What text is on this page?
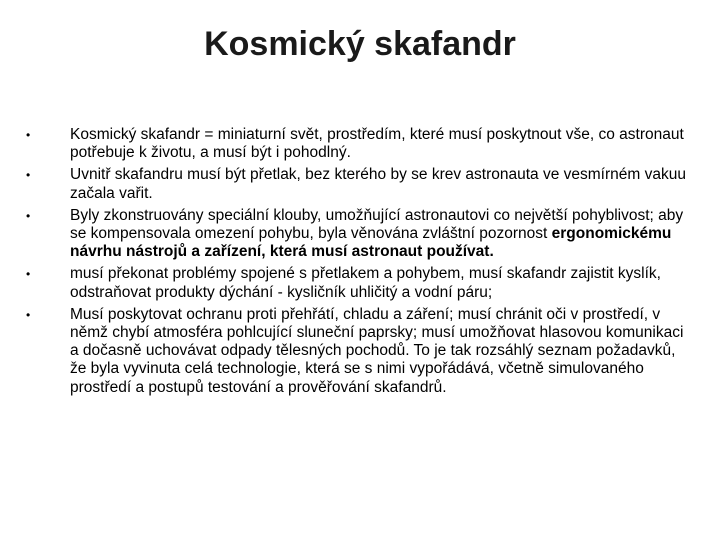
Kosmický skafandr
•	Kosmický skafandr = miniaturní svět, prostředím, které musí poskytnout vše, co astronaut potřebuje k životu, a musí být i pohodlný.
•	Uvnitř skafandru musí být přetlak, bez kterého by se krev astronauta ve vesmírném vakuu začala vařit.
•	Byly zkonstruovány speciální klouby, umožňující astronautovi co největší pohyblivost; aby se kompensovala omezení pohybu, byla věnována zvláštní pozornost ergonomickému návrhu nástrojů a zařízení, která musí astronaut používat.
•	musí překonat problémy spojené s přetlakem a pohybem, musí skafandr zajistit kyslík, odstraňovat produkty dýchání - kysličník uhličitý a vodní páru;
•	Musí poskytovat ochranu proti přehřátí, chladu a záření; musí chránit oči v prostředí, v němž chybí atmosféra pohlcující sluneční paprsky; musí umožňovat hlasovou komunikaci a dočasně uchovávat odpady tělesných pochodů. To je tak rozsáhlý seznam požadavků, že byla vyvinuta celá technologie, která se s nimi vypořádává, včetně simulovaného prostředí a postupů testování a prověřování skafandrů.
